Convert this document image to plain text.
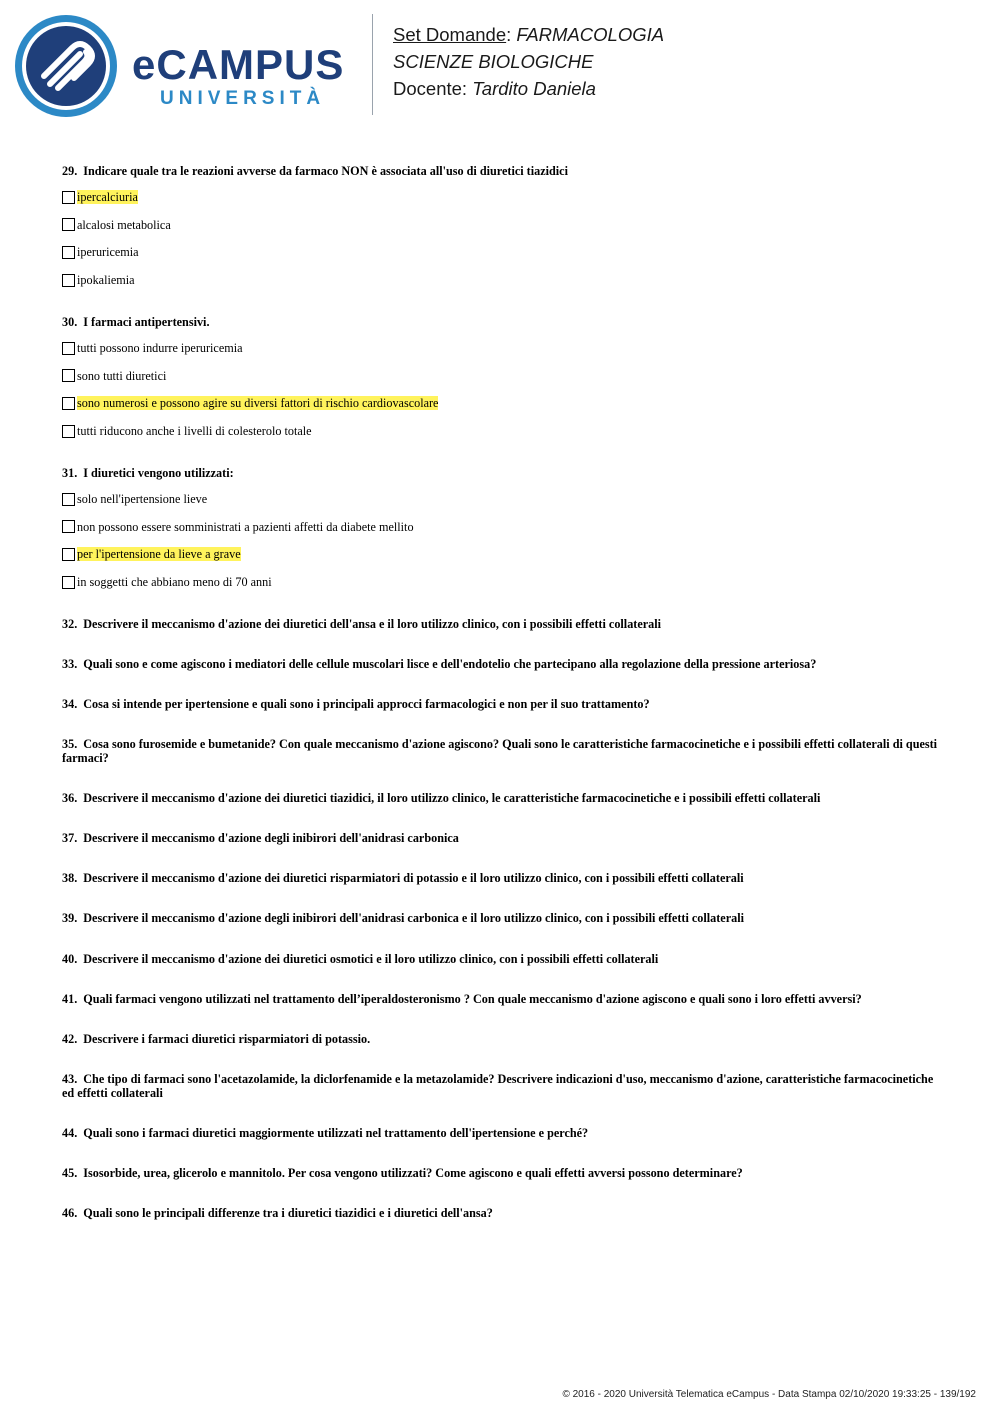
eCAMPUS
UNIVERSITÀ
Set Domande: FARMACOLOGIA
SCIENZE BIOLOGICHE
Docente: Tardito Daniela
29. Indicare quale tra le reazioni avverse da farmaco NON è associata all'uso di diuretici tiazidici
ipercalciuria
alcalosi metabolica
iperuricemia
ipokaliemia
30. I farmaci antipertensivi.
tutti possono indurre iperuricemia
sono tutti diuretici
sono numerosi e possono agire su diversi fattori di rischio cardiovascolare
tutti riducono anche i livelli di colesterolo totale
31. I diuretici vengono utilizzati:
solo nell'ipertensione lieve
non possono essere somministrati a pazienti affetti da diabete mellito
per l'ipertensione da lieve a grave
in soggetti che abbiano meno di 70 anni
32. Descrivere il meccanismo d'azione dei diuretici dell'ansa e il loro utilizzo clinico, con i possibili effetti collaterali
33. Quali sono e come agiscono i mediatori delle cellule muscolari lisce e dell'endotelio che partecipano alla regolazione della pressione arteriosa?
34. Cosa si intende per ipertensione e quali sono i principali approcci farmacologici e non per il suo trattamento?
35. Cosa sono furosemide e bumetanide? Con quale meccanismo d'azione agiscono? Quali sono le caratteristiche farmacocinetiche e i possibili effetti collaterali di questi farmaci?
36. Descrivere il meccanismo d'azione dei diuretici tiazidici, il loro utilizzo clinico, le caratteristiche farmacocinetiche e i possibili effetti collaterali
37. Descrivere il meccanismo d'azione degli inibirori dell'anidrasi carbonica
38. Descrivere il meccanismo d'azione dei diuretici risparmiatori di potassio e il loro utilizzo clinico, con i possibili effetti collaterali
39. Descrivere il meccanismo d'azione degli inibirori dell'anidrasi carbonica e il loro utilizzo clinico, con i possibili effetti collaterali
40. Descrivere il meccanismo d'azione dei diuretici osmotici e il loro utilizzo clinico, con i possibili effetti collaterali
41. Quali farmaci vengono utilizzati nel trattamento dell’iperaldosteronismo ? Con quale meccanismo d'azione agiscono e quali sono i loro effetti avversi?
42. Descrivere i farmaci diuretici risparmiatori di potassio.
43. Che tipo di farmaci sono l'acetazolamide, la diclorfenamide e la metazolamide? Descrivere indicazioni d'uso, meccanismo d'azione, caratteristiche farmacocinetiche ed effetti collaterali
44. Quali sono i farmaci diuretici maggiormente utilizzati nel trattamento dell'ipertensione e perché?
45. Isosorbide, urea, glicerolo e mannitolo. Per cosa vengono utilizzati? Come agiscono e quali effetti avversi possono determinare?
46. Quali sono le principali differenze tra i diuretici tiazidici e i diuretici dell'ansa?
© 2016 - 2020 Università Telematica eCampus - Data Stampa 02/10/2020 19:33:25 - 139/192
